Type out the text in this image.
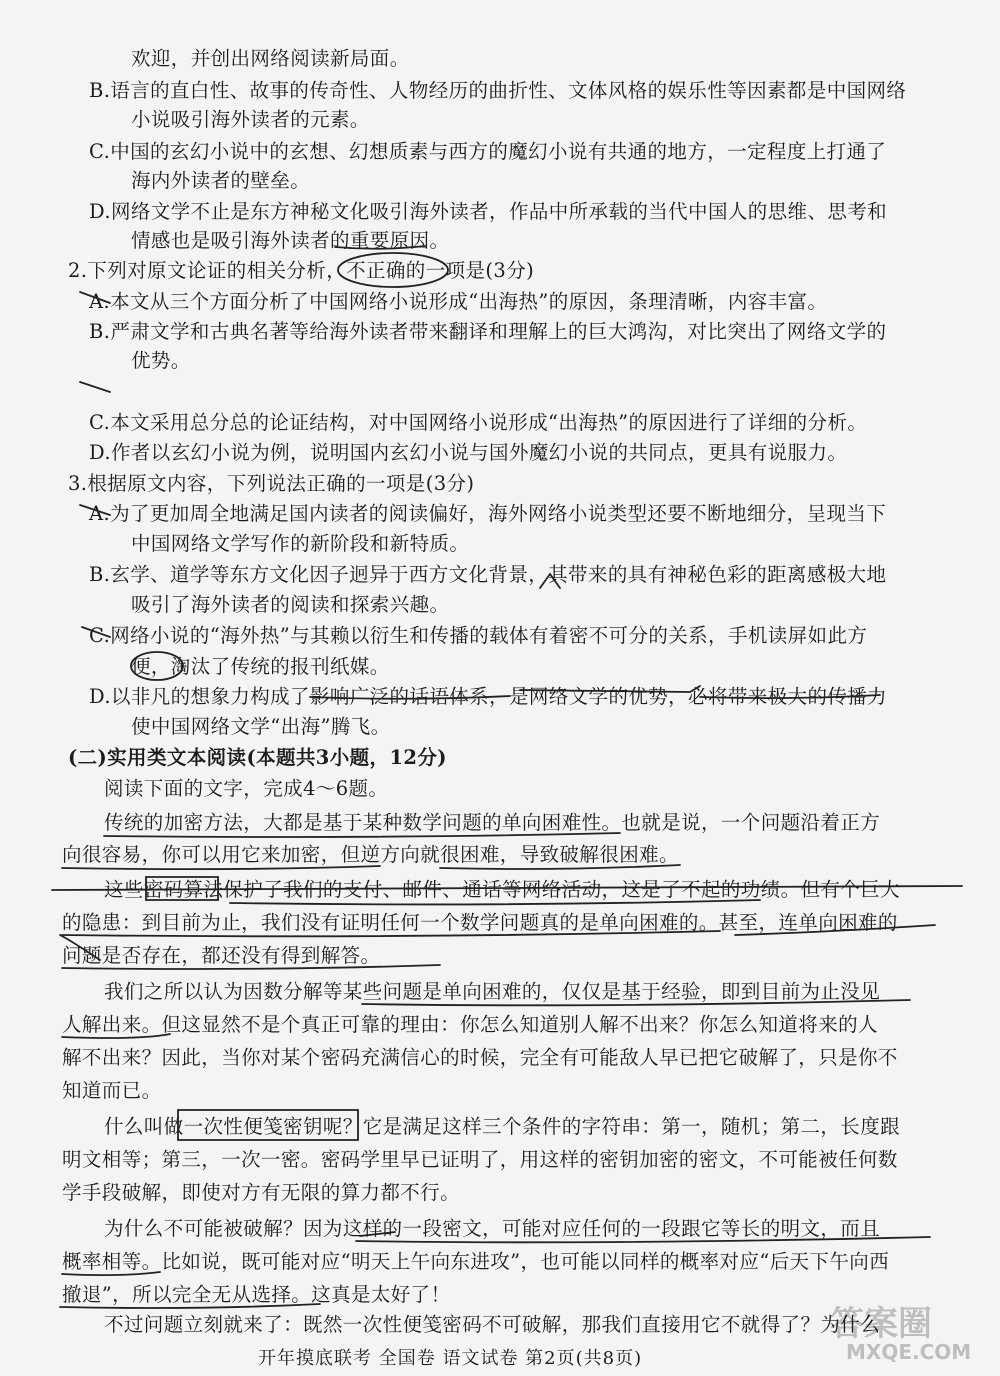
欢迎，并创出网络阅读新局面。
B.语言的直白性、故事的传奇性、人物经历的曲折性、文体风格的娱乐性等因素都是中国网络
小说吸引海外读者的元素。
C.中国的玄幻小说中的玄想、幻想质素与西方的魔幻小说有共通的地方，一定程度上打通了
海内外读者的壁垒。
D.网络文学不止是东方神秘文化吸引海外读者，作品中所承载的当代中国人的思维、思考和
情感也是吸引海外读者的重要原因。
2.下列对原文论证的相关分析，不正确的一项是(3分)
A.本文从三个方面分析了中国网络小说形成“出海热”的原因，条理清晰，内容丰富。
B.严肃文学和古典名著等给海外读者带来翻译和理解上的巨大鸿沟，对比突出了网络文学的
优势。
C.本文采用总分总的论证结构，对中国网络小说形成“出海热”的原因进行了详细的分析。
D.作者以玄幻小说为例，说明国内玄幻小说与国外魔幻小说的共同点，更具有说服力。
3.根据原文内容，下列说法正确的一项是(3分)
A.为了更加周全地满足国内读者的阅读偏好，海外网络小说类型还要不断地细分，呈现当下
中国网络文学写作的新阶段和新特质。
B.玄学、道学等东方文化因子迥异于西方文化背景，其带来的具有神秘色彩的距离感极大地
吸引了海外读者的阅读和探索兴趣。
C.网络小说的“海外热”与其赖以衍生和传播的载体有着密不可分的关系，手机读屏如此方
便，淘汰了传统的报刊纸媒。
D.以非凡的想象力构成了影响广泛的话语体系，是网络文学的优势，必将带来极大的传播力
使中国网络文学“出海”腾飞。
(二)实用类文本阅读(本题共3小题，12分)
阅读下面的文字，完成4～6题。
传统的加密方法，大都是基于某种数学问题的单向困难性。也就是说，一个问题沿着正方
向很容易，你可以用它来加密，但逆方向就很困难，导致破解很困难。
这些密码算法保护了我们的支付、邮件、通话等网络活动，这是了不起的功绩。但有个巨大
的隐患：到目前为止，我们没有证明任何一个数学问题真的是单向困难的。甚至，连单向困难的
问题是否存在，都还没有得到解答。
我们之所以认为因数分解等某些问题是单向困难的，仅仅是基于经验，即到目前为止没见
人解出来。但这显然不是个真正可靠的理由：你怎么知道别人解不出来？你怎么知道将来的人
解不出来？因此，当你对某个密码充满信心的时候，完全有可能敌人早已把它破解了，只是你不
知道而已。
什么叫做一次性便笺密钥呢？它是满足这样三个条件的字符串：第一，随机；第二，长度跟
明文相等；第三，一次一密。密码学里早已证明了，用这样的密钥加密的密文，不可能被任何数
学手段破解，即使对方有无限的算力都不行。
为什么不可能被破解？因为这样的一段密文，可能对应任何的一段跟它等长的明文，而且
概率相等。比如说，既可能对应“明天上午向东进攻”，也可能以同样的概率对应“后天下午向西
撤退”，所以完全无从选择。这真是太好了！
不过问题立刻就来了：既然一次性便笺密码不可破解，那我们直接用它不就得了？为什么
开年摸底联考 全国卷 语文试卷 第2页(共8页)
答案圈
MXQE.COM
